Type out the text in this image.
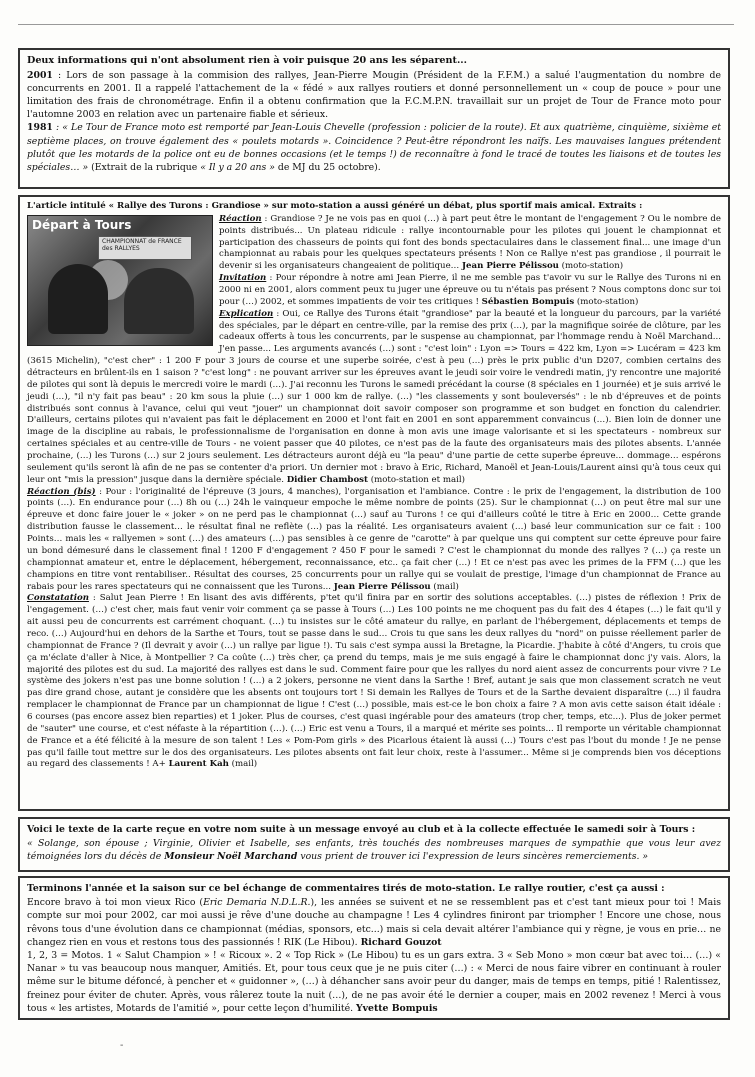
Deux informations qui n'ont absolument rien à voir puisque 20 ans les séparent...

2001 : Lors de son passage à la commision des rallyes, Jean-Pierre Mougin (Président de la F.F.M.) a salué l'augmentation du nombre de concurrents en 2001. Il a rappelé l'attachement de la « fédé » aux rallyes routiers et donné personnellement un « coup de pouce » pour une limitation des frais de chronométrage. Enfin il a obtenu confirmation que la F.C.M.P.N. travaillait sur un projet de Tour de France moto pour l'automne 2003 en relation avec un partenaire fiable et sérieux.

1981 : « Le Tour de France moto est remporté par Jean-Louis Chevelle (profession : policier de la route). Et aux quatrième, cinquième, sixième et septième places, on trouve également des « poulets motards ». Coincidence ? Peut-être répondront les naïfs. Les mauvaises langues prétendent plutôt que les motards de la police ont eu de bonnes occasions (et le temps !) de reconnaître à fond le tracé de toutes les liaisons et de toutes les spéciales… » (Extrait de la rubrique « Il y a 20 ans » de MJ du 25 octobre).

L'article intitulé « Rallye des Turons : Grandiose » sur moto-station a aussi généré un débat, plus sportif mais amical. Extraits :

CHAMPIONNAT de FRANCE des RALLYES
Départ à Tours	Réaction : Grandiose ? Je ne vois pas en quoi (…) à part peut être le montant de l'engagement ? Ou le nombre de points distribués... Un plateau ridicule : rallye incontournable pour les pilotes qui jouent le championnat et participation des chasseurs de points qui font des bonds spectaculaires dans le classement final... une image d'un championnat au rabais pour les quelques spectateurs présents ! Non ce Rallye n'est pas grandiose , il pourrait le devenir si les organisateurs changeaient de politique… Jean Pierre Pélissou (moto-station)
Invitation : Pour répondre à notre ami Jean Pierre, il ne me semble pas t'avoir vu sur le Rallye des Turons ni en 2000 ni en 2001, alors comment peux tu juger une épreuve ou tu n'étais pas présent ? Nous comptons donc sur toi pour (…) 2002, et sommes impatients de voir tes critiques ! Sébastien Bompuis (moto-station)
Explication : Oui, ce Rallye des Turons était "grandiose" par la beauté et la longueur du parcours, par la variété des spéciales, par le départ en centre-ville, par la remise des prix (…), par la magnifique soirée de clôture, par les cadeaux offerts à tous les concurrents, par le suspense au championnat, par l'hommage rendu à Noël Marchand... J'en passe... Les arguments avancés (…) sont : "c'est loin" : Lyon => Tours = 422 km, Lyon => Lucéram = 423 km (3615 Michelin), "c'est cher" : 1 200 F pour 3 jours de course et une superbe soirée, c'est à peu (…) près le prix public d'un D207, combien certains des détracteurs en brûlent-ils en 1 saison ? "c'est long" : ne pouvant arriver sur les épreuves avant le jeudi soir voire le vendredi matin, j'y rencontre une majorité de pilotes qui sont là depuis le mercredi voire le mardi (…). J'ai reconnu les Turons le samedi précédant la course (8 spéciales en 1 journée) et je suis arrivé le jeudi (…), "il n'y fait pas beau" : 20 km sous la pluie (…) sur 1 000 km de rallye. (…) "les classements y sont bouleversés" : le nb d'épreuves et de points distribués sont connus à l'avance, celui qui veut "jouer" un championnat doit savoir composer son programme et son budget en fonction du calendrier. D'ailleurs, certains pilotes qui n'avaient pas fait le déplacement en 2000 et l'ont fait en 2001 en sont apparemment convaincus (…). Bien loin de donner une image de la discipline au rabais, le professionnalisme de l'organisation en donne à mon avis une image valorisante et si les spectateurs - nombreux sur certaines spéciales et au centre-ville de Tours - ne voient passer que 40 pilotes, ce n'est pas de la faute des organisateurs mais des pilotes absents. L'année prochaine, (…) les Turons (…) sur 2 jours seulement. Les détracteurs auront déjà eu "la peau" d'une partie de cette superbe épreuve… dommage… espérons seulement qu'ils seront là afin de ne pas se contenter d'a priori. Un dernier mot : bravo à Eric, Richard, Manoël et Jean-Louis/Laurent ainsi qu'à tous ceux qui leur ont "mis la pression" jusque dans la dernière spéciale. Didier Chambost (moto-station et mail)
Réaction (bis) : Pour : l'originalité de l'épreuve (3 jours, 4 manches), l'organisation et l'ambiance. Contre : le prix de l'engagement, la distribution de 100 points (…). En endurance pour (…) 8h ou (…) 24h le vainqueur empoche le même nombre de points (25). Sur le championnat (…) on peut être mal sur une épreuve et donc faire jouer le « joker » on ne perd pas le championnat (…) sauf au Turons ! ce qui d'ailleurs coûté le titre à Eric en 2000… Cette grande distribution fausse le classement… le résultat final ne reflète (…) pas la réalité. Les organisateurs avaient (…) basé leur communication sur ce fait : 100 Points… mais les « rallyemen » sont (…) des amateurs (…) pas sensibles à ce genre de "carotte" à par quelque uns qui comptent sur cette épreuve pour faire un bond démesuré dans le classement final ! 1200 F d'engagement ? 450 F pour le samedi ? C'est le championnat du monde des rallyes ? (…) ça reste un championnat amateur et, entre le déplacement, hébergement, reconnaissance, etc.. ça fait cher (…) ! Et ce n'est pas avec les primes de la FFM (…) que les champions en titre vont rentabiliser.. Résultat des courses, 25 concurrents pour un rallye qui se voulait de prestige, l'image d'un championnat de France au rabais pour les rares spectateurs qui ne connaissent que les Turons... Jean Pierre Pélissou (mail)
Constatation : Salut Jean Pierre ! En lisant des avis différents, p'tet qu'il finira par en sortir des solutions acceptables. (…) pistes de réflexion ! Prix de l'engagement. (…) c'est cher, mais faut venir voir comment ça se passe à Tours (…) Les 100 points ne me choquent pas du fait des 4 étapes (…) le fait qu'il y ait aussi peu de concurrents est carrément choquant. (…) tu insistes sur le côté amateur du rallye, en parlant de l'hébergement, déplacements et temps de reco. (…) Aujourd'hui en dehors de la Sarthe et Tours, tout se passe dans le sud… Crois tu que sans les deux rallyes du "nord" on puisse réellement parler de championnat de France ? (Il devrait y avoir (…) un rallye par ligue !). Tu sais c'est sympa aussi la Bretagne, la Picardie. J'habite à côté d'Angers, tu crois que ça m'éclate d'aller à Nice, à Montpellier ? Ca coûte (…) très cher, ça prend du temps, mais je me suis engagé à faire le championnat donc j'y vais. Alors, la majorité des pilotes est du sud. La majorité des rallyes est dans le sud. Comment faire pour que les rallyes du nord aient assez de concurrents pour vivre ? Le système des jokers n'est pas une bonne solution ! (…) a 2 jokers, personne ne vient dans la Sarthe ! Bref, autant je sais que mon classement scratch ne veut pas dire grand chose, autant je considère que les absents ont toujours tort ! Si demain les Rallyes de Tours et de la Sarthe devaient disparaître (…) il faudra remplacer le championnat de France par un championnat de ligue ! C'est (…) possible, mais est-ce le bon choix a faire ? A mon avis cette saison était idéale : 6 courses (pas encore assez bien reparties) et 1 joker. Plus de courses, c'est quasi ingérable pour des amateurs (trop cher, temps, etc...). Plus de joker permet de "sauter" une course, et c'est néfaste à la répartition (…). (…) Eric est venu a Tours, il a marqué et mérite ses points... Il remporte un véritable championnat de France et a été félicité à la mesure de son talent ! Les « Pom-Pom girls » des Picarlous étaient là aussi (…) Tours c'est pas l'bout du monde ! Je ne pense pas qu'il faille tout mettre sur le dos des organisateurs. Les pilotes absents ont fait leur choix, reste à l'assumer... Même si je comprends bien vos déceptions au regard des classements ! A+ Laurent Kah (mail)

Voici le texte de la carte reçue en votre nom suite à un message envoyé au club et à la collecte effectuée le samedi soir à Tours :

« Solange, son épouse ; Virginie, Olivier et Isabelle, ses enfants, très touchés des nombreuses marques de sympathie que vous leur avez témoignées lors du décès de Monsieur Noël Marchand vous prient de trouver ici l'expression de leurs sincères remerciements. »

Terminons l'année et la saison sur ce bel échange de commentaires tirés de moto-station. Le rallye routier, c'est ça aussi :

Encore bravo à toi mon vieux Rico (Eric Demaria N.D.L.R.), les années se suivent et ne se ressemblent pas et c'est tant mieux pour toi ! Mais compte sur moi pour 2002, car moi aussi je rêve d'une douche au champagne ! Les 4 cylindres finiront par triompher ! Encore une chose, nous rêvons tous d'une évolution dans ce championnat (médias, sponsors, etc...) mais si cela devait altérer l'ambiance qui y règne, je vous en prie… ne changez rien en vous et restons tous des passionnés ! RIK (Le Hibou). Richard Gouzot

1, 2, 3 = Motos. 1 « Salut Champion » ! « Ricoux ». 2 « Top Rick » (Le Hibou) tu es un gars extra. 3 « Seb Mono » mon cœur bat avec toi… (…) « Nanar » tu vas beaucoup nous manquer, Amitiés. Et, pour tous ceux que je ne puis citer (…) : « Merci de nous faire vibrer en continuant à rouler même sur le bitume défoncé, à pencher et « guidonner », (…) à déhancher sans avoir peur du danger, mais de temps en temps, pitié ! Ralentissez, freinez pour éviter de chuter. Après, vous râlerez toute la nuit (…), de ne pas avoir été le dernier a couper, mais en 2002 revenez ! Merci à vous tous « les artistes, Motards de l'amitié », pour cette leçon d'humilité. Yvette Bompuis

-
